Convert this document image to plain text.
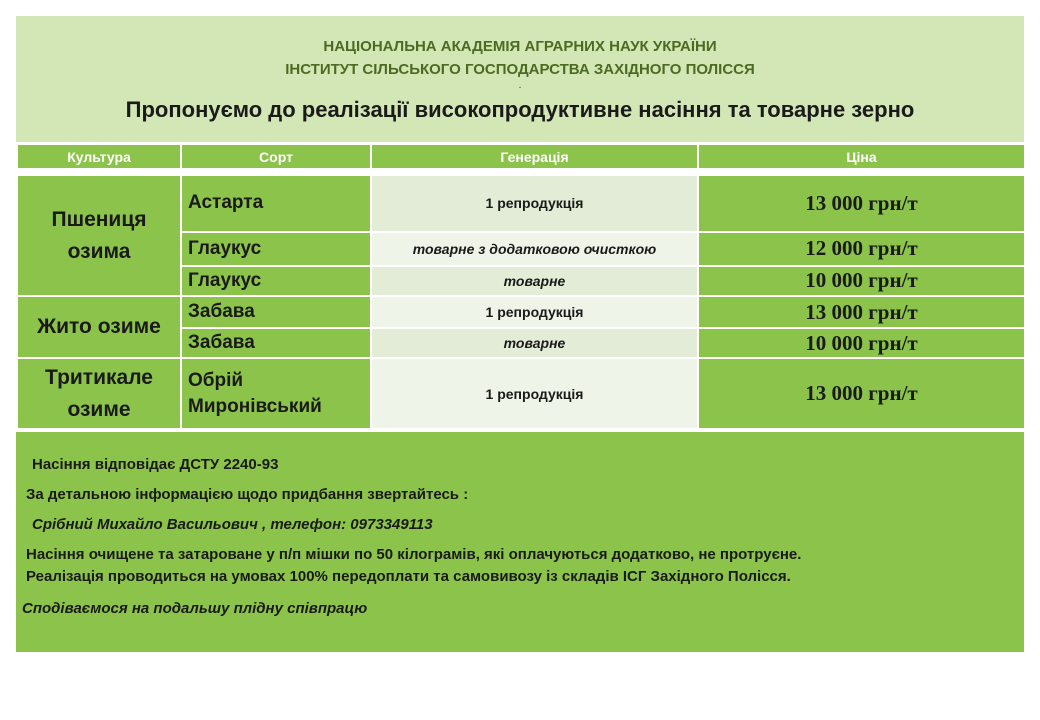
НАЦІОНАЛЬНА АКАДЕМІЯ АГРАРНИХ НАУК УКРАЇНИ
ІНСТИТУТ СІЛЬСЬКОГО ГОСПОДАРСТВА ЗАХІДНОГО ПОЛІССЯ
.
Пропонуємо до реалізації високопродуктивне насіння та товарне зерно
Культура	Сорт	Генерація	Ціна

Пшениця озима	Астарта	1 репродукція	13 000 грн/т
	Глаукус	товарне з додатковою очисткою	12 000 грн/т
	Глаукус	товарне	10 000 грн/т
Жито озиме	Забава	1 репродукція	13 000 грн/т
	Забава	товарне	10 000 грн/т
Тритикале озиме	Обрій Миронівський	1 репродукція	13 000 грн/т
Насіння відповідає ДСТУ 2240-93
За детальною інформацією щодо придбання звертайтесь :
Срібний Михайло Васильович , телефон: 0973349113
Насіння очищене та затароване у п/п мішки по 50 кілограмів, які оплачуються додатково, не протруєне.
Реалізація проводиться на умовах 100% передоплати та самовивозу із складів ІСГ Західного Полісся.
Сподіваємося на подальшу плідну співпрацю
